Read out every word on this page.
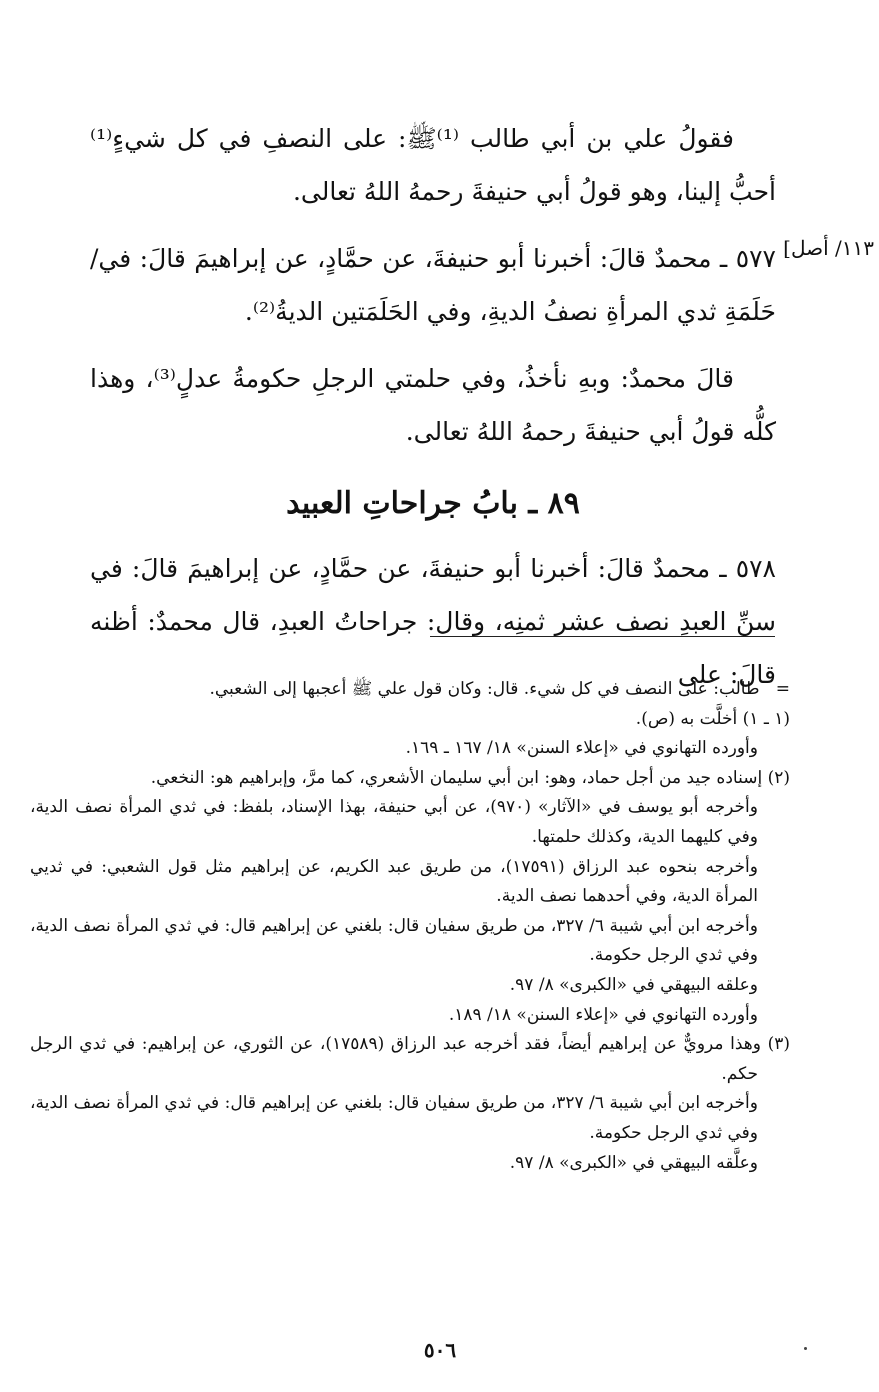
١١٣/ أصل]

فقولُ علي بن أبي طالب ⁽¹⁾ﷺ: على النصفِ في كل شيءٍ⁽¹⁾ أحبُّ إلينا، وهو قولُ أبي حنيفةَ رحمهُ اللهُ تعالى.

٥٧٧ ـ محمدٌ قالَ: أخبرنا أبو حنيفةَ، عن حمَّادٍ، عن إبراهيمَ قالَ: في/ حَلَمَةِ ثدي المرأةِ نصفُ الديةِ، وفي الحَلَمَتين الديةُ⁽²⁾.

قالَ محمدٌ: وبهِ نأخذُ، وفي حلمتي الرجلِ حكومةُ عدلٍ⁽³⁾، وهذا كلُّه قولُ أبي حنيفةَ رحمهُ اللهُ تعالى.

٨٩ ـ بابُ جراحاتِ العبيد

٥٧٨ ـ محمدٌ قالَ: أخبرنا أبو حنيفةَ، عن حمَّادٍ، عن إبراهيمَ قالَ: في سنِّ العبدِ نصف عشر ثمنِه، وقال: جراحاتُ العبدِ، قال محمدٌ: أظنه قالَ: على =   طالب: على النصف في كل شيء. قال: وكان قول علي ﷺ أعجبها إلى الشعبي.

(١ ـ ١) أخلَّت به (ص).

وأورده التهانوي في «إعلاء السنن» ١٨/ ١٦٧ ـ ١٦٩.

(٢) إسناده جيد من أجل حماد، وهو: ابن أبي سليمان الأشعري، كما مرَّ، وإبراهيم هو: النخعي.

وأخرجه أبو يوسف في «الآثار» (٩٧٠)، عن أبي حنيفة، بهذا الإسناد، بلفظ: في ثدي المرأة نصف الدية، وفي كليهما الدية، وكذلك حلمتها.

وأخرجه بنحوه عبد الرزاق (١٧٥٩١)، من طريق عبد الكريم، عن إبراهيم مثل قول الشعبي: في ثديي المرأة الدية، وفي أحدهما نصف الدية.

وأخرجه ابن أبي شيبة ٦/ ٣٢٧، من طريق سفيان قال: بلغني عن إبراهيم قال: في ثدي المرأة نصف الدية، وفي ثدي الرجل حكومة.

وعلقه البيهقي في «الكبرى» ٨/ ٩٧.

وأورده التهانوي في «إعلاء السنن» ١٨/ ١٨٩.

(٣) وهذا مرويٌّ عن إبراهيم أيضاً، فقد أخرجه عبد الرزاق (١٧٥٨٩)، عن الثوري، عن إبراهيم: في ثدي الرجل حكم.

وأخرجه ابن أبي شيبة ٦/ ٣٢٧، من طريق سفيان قال: بلغني عن إبراهيم قال: في ثدي المرأة نصف الدية، وفي ثدي الرجل حكومة.

وعلَّقه البيهقي في «الكبرى» ٨/ ٩٧.

٥٠٦
